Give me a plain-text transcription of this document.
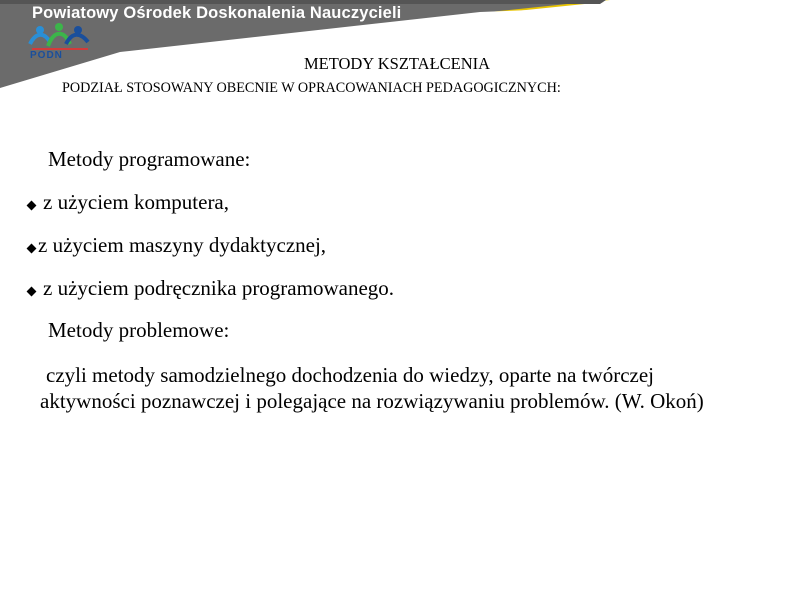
Powiatowy Ośrodek Doskonalenia Nauczycieli
PODN	METODY KSZTAŁCENIA
PODZIAŁ STOSOWANY OBECNIE W OPRACOWANIACH PEDAGOGICZNYCH:
Metody programowane:
z użyciem komputera,
z użyciem maszyny dydaktycznej,
z użyciem podręcznika programowanego.
Metody problemowe:
czyli metody samodzielnego dochodzenia do wiedzy, oparte na twórczej aktywności poznawczej i polegające na rozwiązywaniu problemów. (W. Okoń)
